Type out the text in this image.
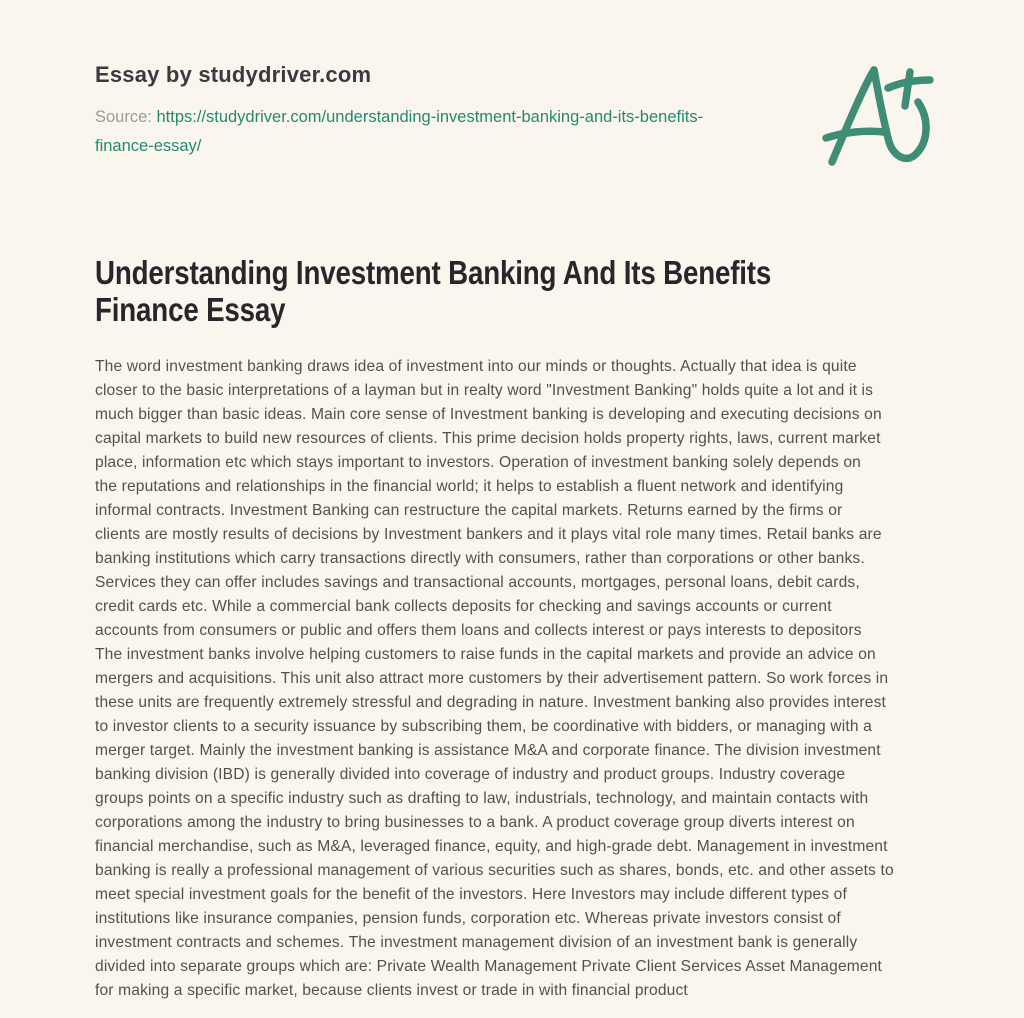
Essay by studydriver.com

Source: https://studydriver.com/understanding-investment-banking-and-its-benefits-
finance-essay/

Understanding Investment Banking And Its Benefits
Finance Essay
The word investment banking draws idea of investment into our minds or thoughts. Actually that idea is quite
closer to the basic interpretations of a layman but in realty word "Investment Banking" holds quite a lot and it is
much bigger than basic ideas. Main core sense of Investment banking is developing and executing decisions on
capital markets to build new resources of clients. This prime decision holds property rights, laws, current market
place, information etc which stays important to investors. Operation of investment banking solely depends on
the reputations and relationships in the financial world; it helps to establish a fluent network and identifying
informal contracts. Investment Banking can restructure the capital markets. Returns earned by the firms or
clients are mostly results of decisions by Investment bankers and it plays vital role many times. Retail banks are
banking institutions which carry transactions directly with consumers, rather than corporations or other banks.
Services they can offer includes savings and transactional accounts, mortgages, personal loans, debit cards,
credit cards etc. While a commercial bank collects deposits for checking and savings accounts or current
accounts from consumers or public and offers them loans and collects interest or pays interests to depositors
The investment banks involve helping customers to raise funds in the capital markets and provide an advice on
mergers and acquisitions. This unit also attract more customers by their advertisement pattern. So work forces in
these units are frequently extremely stressful and degrading in nature. Investment banking also provides interest
to investor clients to a security issuance by subscribing them, be coordinative with bidders, or managing with a
merger target. Mainly the investment banking is assistance M&A and corporate finance. The division investment
banking division (IBD) is generally divided into coverage of industry and product groups. Industry coverage
groups points on a specific industry such as drafting to law, industrials, technology, and maintain contacts with
corporations among the industry to bring businesses to a bank. A product coverage group diverts interest on
financial merchandise, such as M&A, leveraged finance, equity, and high-grade debt. Management in investment
banking is really a professional management of various securities such as shares, bonds, etc. and other assets to
meet special investment goals for the benefit of the investors. Here Investors may include different types of
institutions like insurance companies, pension funds, corporation etc. Whereas private investors consist of
investment contracts and schemes. The investment management division of an investment bank is generally
divided into separate groups which are: Private Wealth Management Private Client Services Asset Management
for making a specific market, because clients invest or trade in with financial product
